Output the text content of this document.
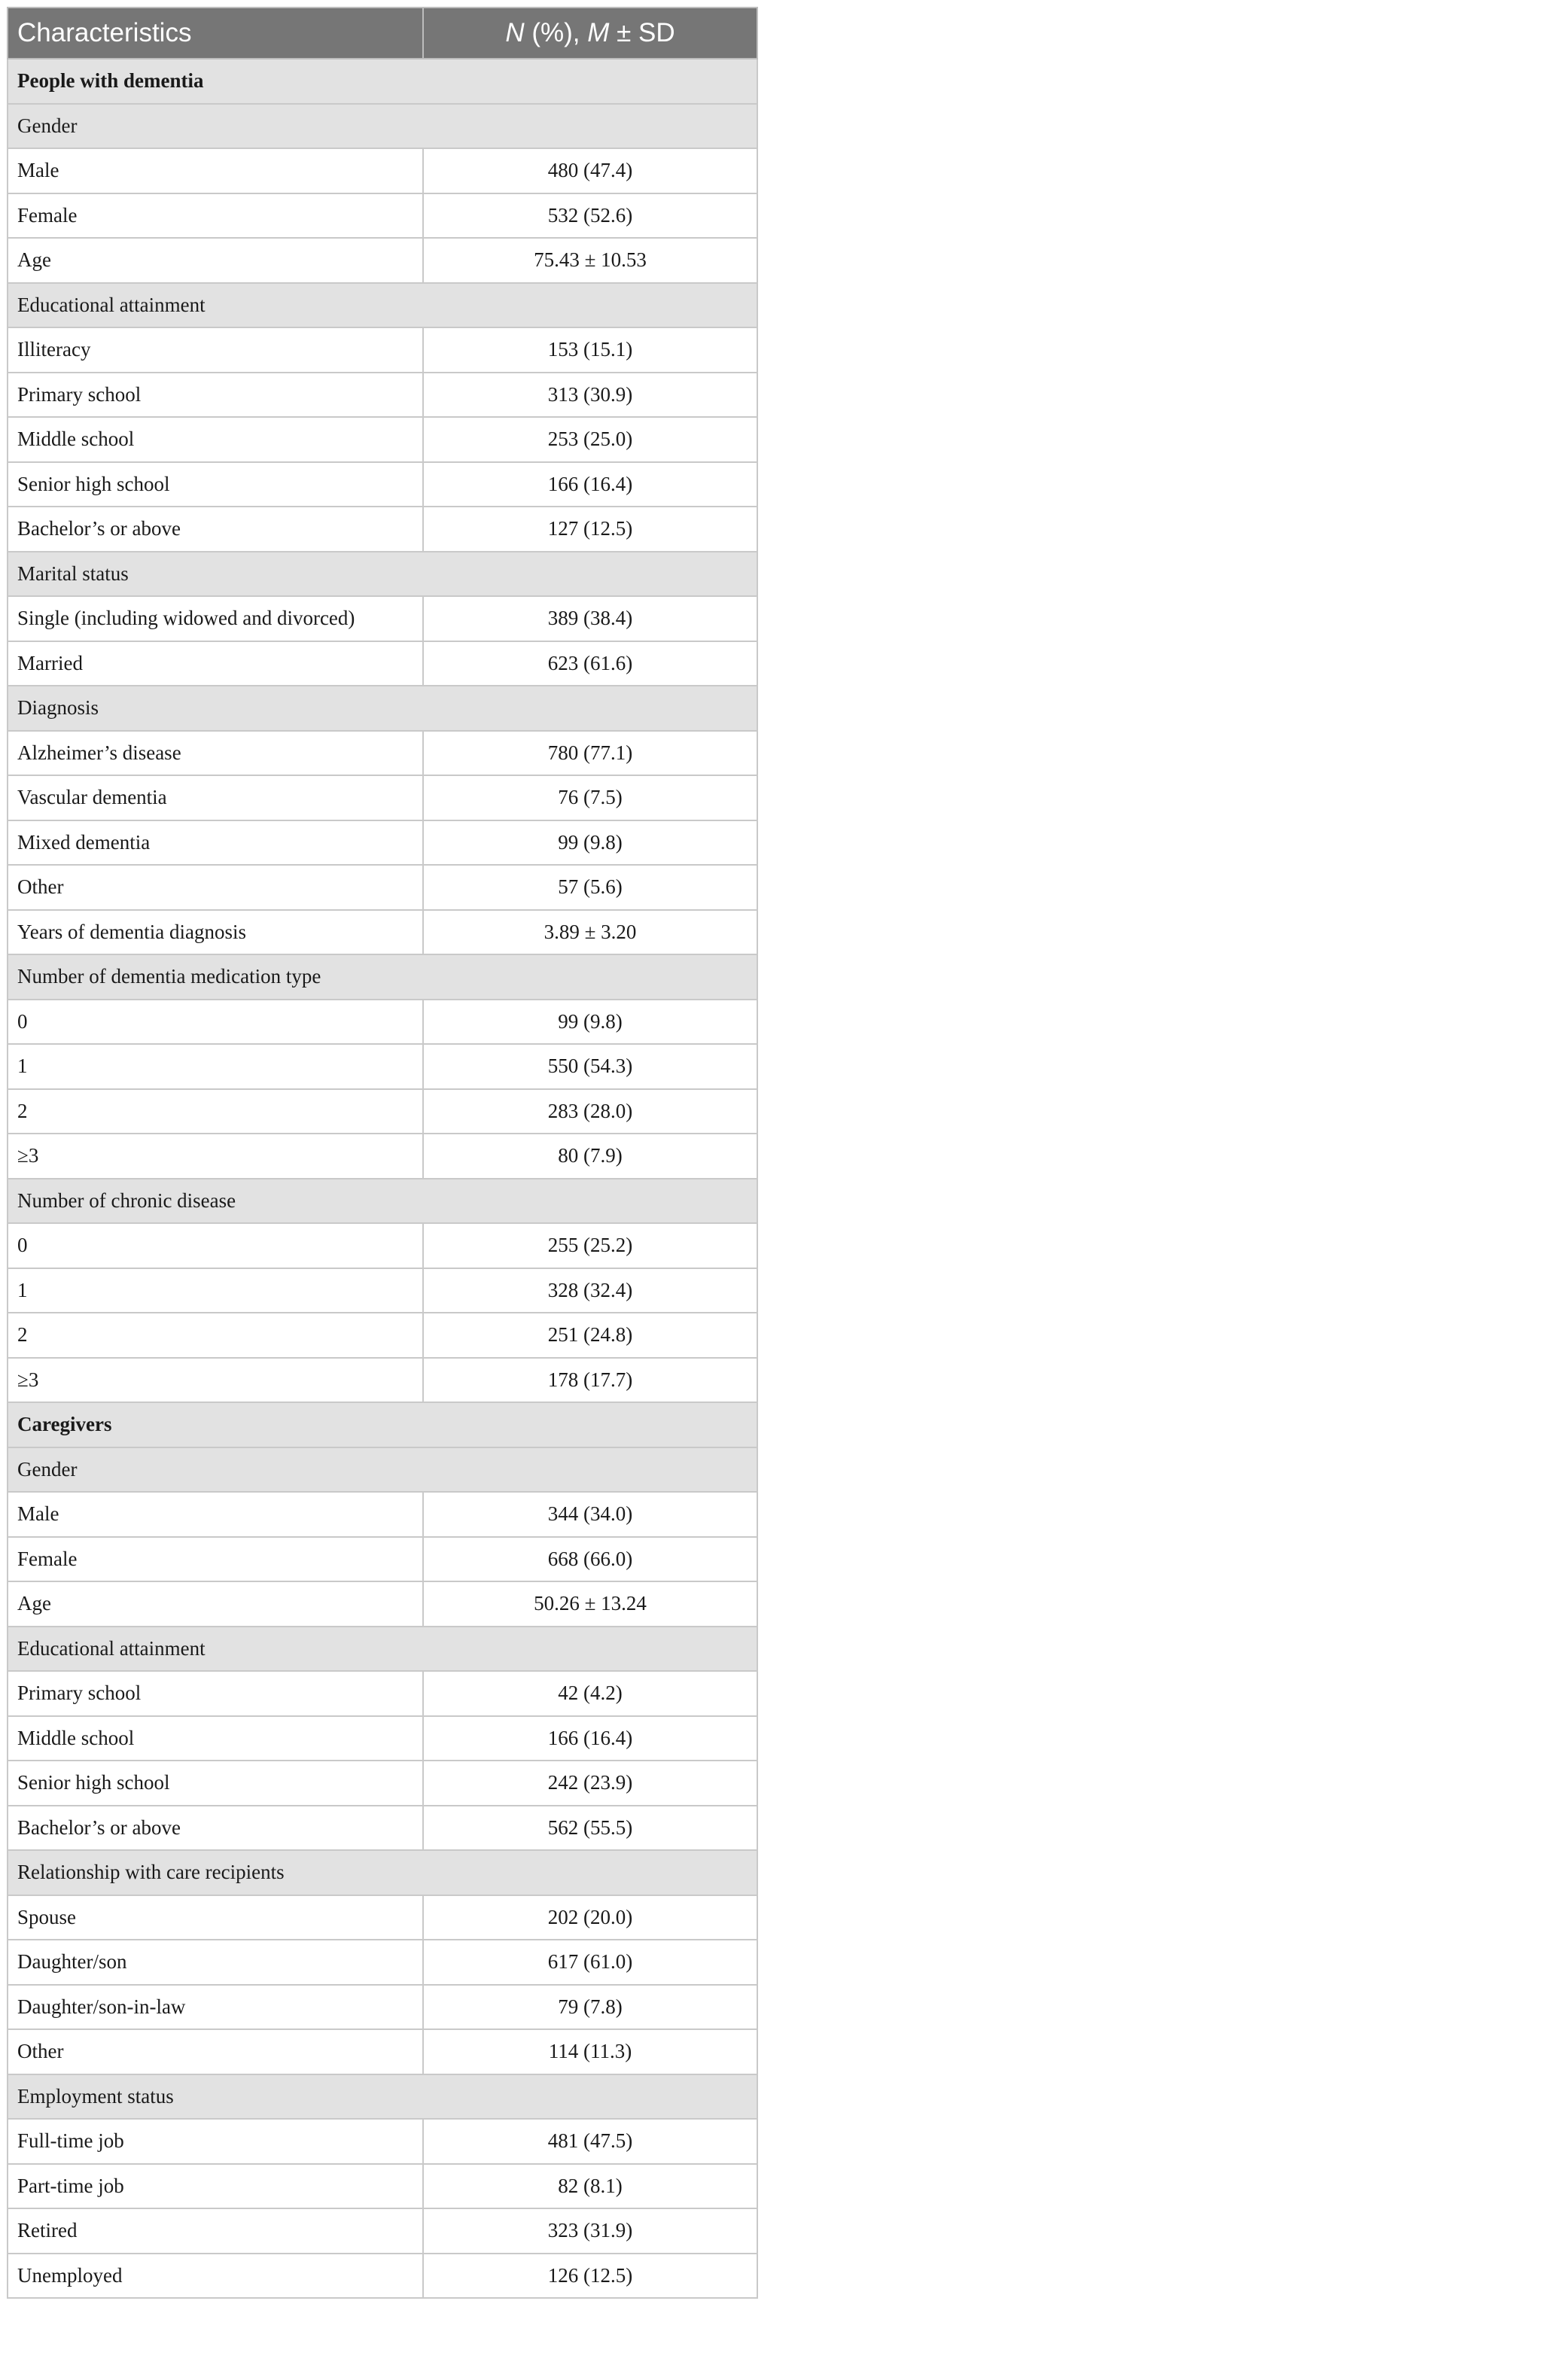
Characteristics	N (%), M ± SD
People with dementia	
Gender	
Male	480 (47.4)
Female	532 (52.6)
Age	75.43 ± 10.53
Educational attainment	
Illiteracy	153 (15.1)
Primary school	313 (30.9)
Middle school	253 (25.0)
Senior high school	166 (16.4)
Bachelor’s or above	127 (12.5)
Marital status	
Single (including widowed and divorced)	389 (38.4)
Married	623 (61.6)
Diagnosis	
Alzheimer’s disease	780 (77.1)
Vascular dementia	76 (7.5)
Mixed dementia	99 (9.8)
Other	57 (5.6)
Years of dementia diagnosis	3.89 ± 3.20
Number of dementia medication type	
0	99 (9.8)
1	550 (54.3)
2	283 (28.0)
≥3	80 (7.9)
Number of chronic disease	
0	255 (25.2)
1	328 (32.4)
2	251 (24.8)
≥3	178 (17.7)
Caregivers	
Gender	
Male	344 (34.0)
Female	668 (66.0)
Age	50.26 ± 13.24
Educational attainment	
Primary school	42 (4.2)
Middle school	166 (16.4)
Senior high school	242 (23.9)
Bachelor’s or above	562 (55.5)
Relationship with care recipients	
Spouse	202 (20.0)
Daughter/son	617 (61.0)
Daughter/son-in-law	79 (7.8)
Other	114 (11.3)
Employment status	
Full-time job	481 (47.5)
Part-time job	82 (8.1)
Retired	323 (31.9)
Unemployed	126 (12.5)
